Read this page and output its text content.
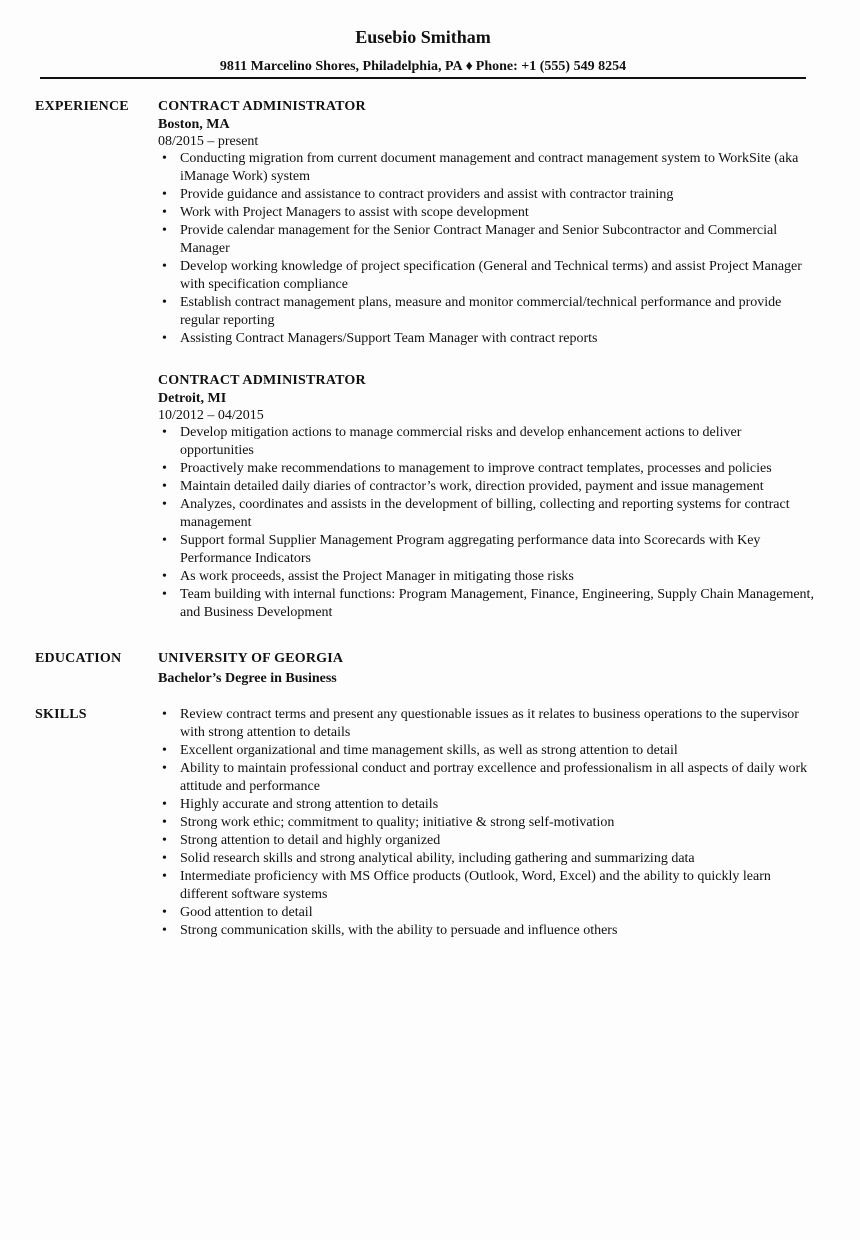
Eusebio Smitham
9811 Marcelino Shores, Philadelphia, PA ♦ Phone: +1 (555) 549 8254
EXPERIENCE CONTRACT ADMINISTRATOR
Boston, MA
08/2015 – present
• Conducting migration from current document management and contract management system to WorkSite (aka iManage Work) system
• Provide guidance and assistance to contract providers and assist with contractor training
• Work with Project Managers to assist with scope development
• Provide calendar management for the Senior Contract Manager and Senior Subcontractor and Commercial Manager
• Develop working knowledge of project specification (General and Technical terms) and assist Project Manager with specification compliance
• Establish contract management plans, measure and monitor commercial/technical performance and provide regular reporting
• Assisting Contract Managers/Support Team Manager with contract reports
CONTRACT ADMINISTRATOR
Detroit, MI
10/2012 – 04/2015
• Develop mitigation actions to manage commercial risks and develop enhancement actions to deliver opportunities
• Proactively make recommendations to management to improve contract templates, processes and policies
• Maintain detailed daily diaries of contractor’s work, direction provided, payment and issue management
• Analyzes, coordinates and assists in the development of billing, collecting and reporting systems for contract management
• Support formal Supplier Management Program aggregating performance data into Scorecards with Key Performance Indicators
• As work proceeds, assist the Project Manager in mitigating those risks
• Team building with internal functions: Program Management, Finance, Engineering, Supply Chain Management, and Business Development
EDUCATION	UNIVERSITY OF GEORGIA
Bachelor’s Degree in Business
SKILLS	• Review contract terms and present any questionable issues as it relates to business operations to the supervisor with strong attention to details
• Excellent organizational and time management skills, as well as strong attention to detail
• Ability to maintain professional conduct and portray excellence and professionalism in all aspects of daily work attitude and performance
• Highly accurate and strong attention to details
• Strong work ethic; commitment to quality; initiative & strong self-motivation
• Strong attention to detail and highly organized
• Solid research skills and strong analytical ability, including gathering and summarizing data
• Intermediate proficiency with MS Office products (Outlook, Word, Excel) and the ability to quickly learn different software systems
• Good attention to detail
• Strong communication skills, with the ability to persuade and influence others
